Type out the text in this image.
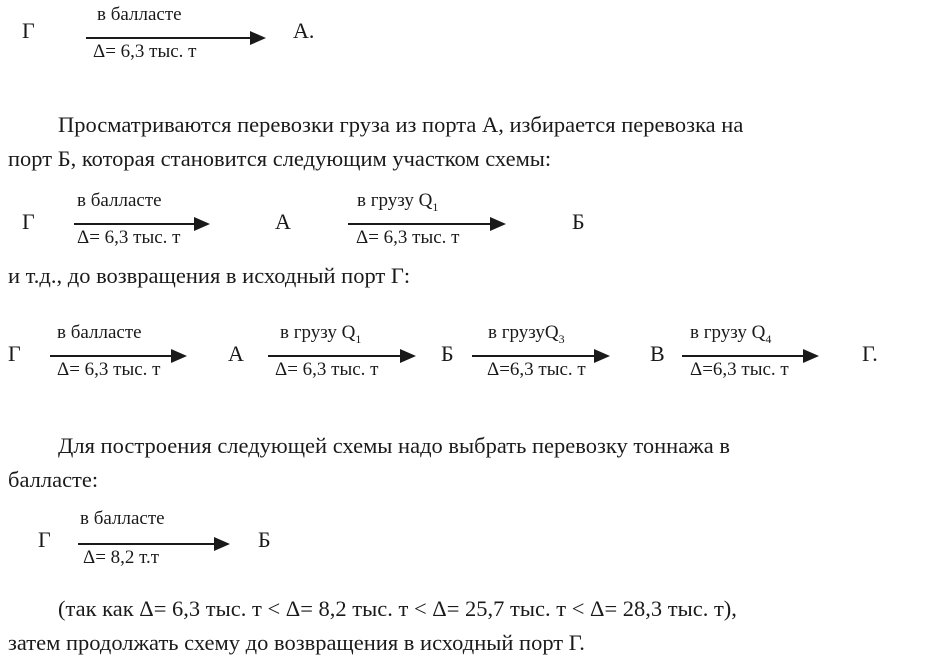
Г
в балласте
Δ= 6,3 тыс. т
А.
Просматриваются перевозки груза из порта А, избирается перевозка на
порт Б, которая становится следующим участком схемы:
Г
в балласте
Δ= 6,3 тыс. т
А
в грузу $Q_1$
Δ= 6,3 тыс. т
Б
и т.д., до возвращения в исходный порт Г:
Г
в балласте
Δ= 6,3 тыс. т
А
в грузу $Q_1$
Δ= 6,3 тыс. т
Б
в грузуQ$_3$
Δ=6,3 тыс. т
В
в грузу $Q_4$
Δ=6,3 тыс. т
Г.
Для построения следующей схемы надо выбрать перевозку тоннажа в
балласте:
Г
в балласте
Δ= 8,2 т.т
Б
(так как Δ= 6,3 тыс. т < Δ= 8,2 тыс. т < Δ= 25,7 тыс. т < Δ= 28,3 тыс. т),
затем продолжать схему до возвращения в исходный порт Г.
